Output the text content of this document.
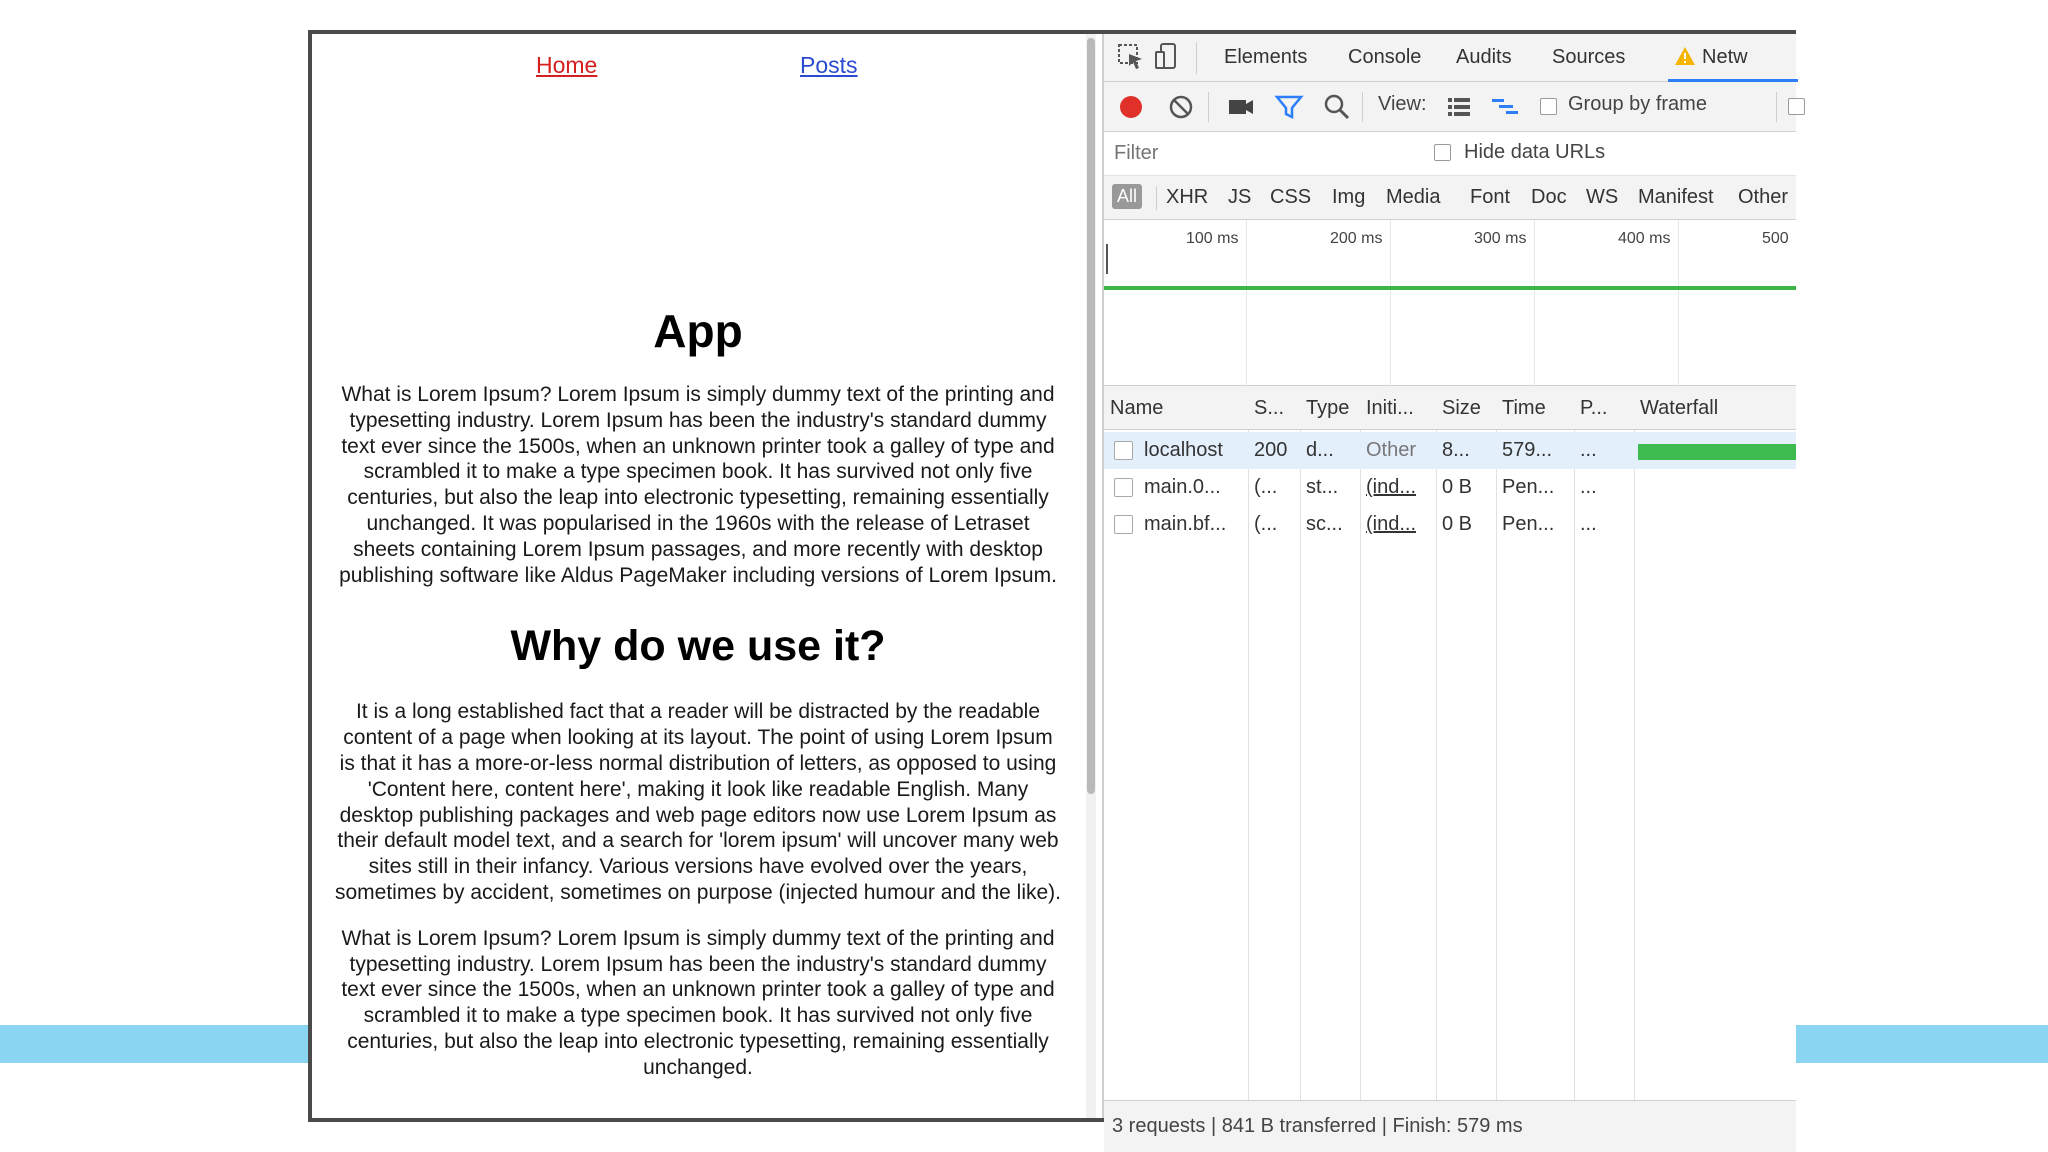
Home	Posts
App

What is Lorem Ipsum? Lorem Ipsum is simply dummy text of the printing and typesetting industry. Lorem Ipsum has been the industry's standard dummy text ever since the 1500s, when an unknown printer took a galley of type and scrambled it to make a type specimen book. It has survived not only five centuries, but also the leap into electronic typesetting, remaining essentially unchanged. It was popularised in the 1960s with the release of Letraset sheets containing Lorem Ipsum passages, and more recently with desktop publishing software like Aldus PageMaker including versions of Lorem Ipsum.

Why do we use it?

It is a long established fact that a reader will be distracted by the readable content of a page when looking at its layout. The point of using Lorem Ipsum is that it has a more-or-less normal distribution of letters, as opposed to using 'Content here, content here', making it look like readable English. Many desktop publishing packages and web page editors now use Lorem Ipsum as their default model text, and a search for 'lorem ipsum' will uncover many web sites still in their infancy. Various versions have evolved over the years, sometimes by accident, sometimes on purpose (injected humour and the like).

What is Lorem Ipsum? Lorem Ipsum is simply dummy text of the printing and typesetting industry. Lorem Ipsum has been the industry's standard dummy text ever since the 1500s, when an unknown printer took a galley of type and scrambled it to make a type specimen book. It has survived not only five centuries, but also the leap into electronic typesetting, remaining essentially unchanged.

Elements Console Audits Sources	Netw
View:	Group by frame
Filter
Hide data URLs
All XHR JS CSS Img Media Font Doc WS Manifest Other
100 ms	200 ms	300 ms	400 ms	500
Name	S...	Type Initi...	Size	Time	P...	Waterfall
localhost	200 d...	Other	8...	579...	...
main.0...	(...	st...	(ind...	0 B	Pen...	...
main.bf...	(...	sc...	(ind...	0 B	Pen...	...
3 requests | 841 B transferred | Finish: 579 ms
